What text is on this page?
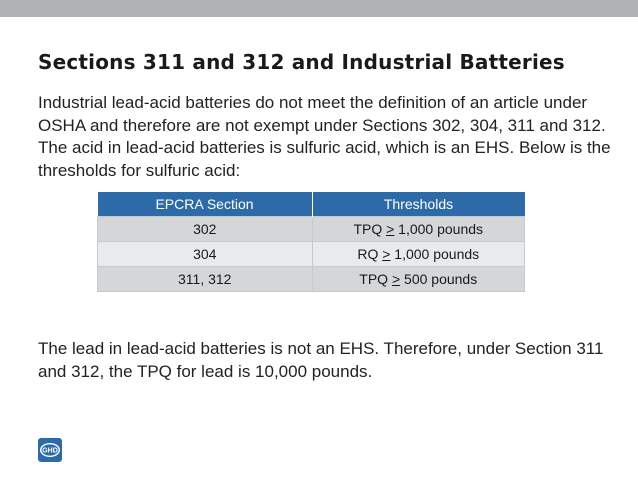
Sections 311 and 312 and Industrial Batteries

Industrial lead-acid batteries do not meet the definition of an article under OSHA and therefore are not exempt under Sections 302, 304, 311 and 312. The acid in lead-acid batteries is sulfuric acid, which is an EHS. Below is the thresholds for sulfuric acid:

EPCRA Section	Thresholds
302	TPQ ≥ 1,000 pounds
304	RQ ≥ 1,000 pounds
311, 312	TPQ ≥ 500 pounds

The lead in lead-acid batteries is not an EHS. Therefore, under Section 311 and 312, the TPQ for lead is 10,000 pounds.

GHD
